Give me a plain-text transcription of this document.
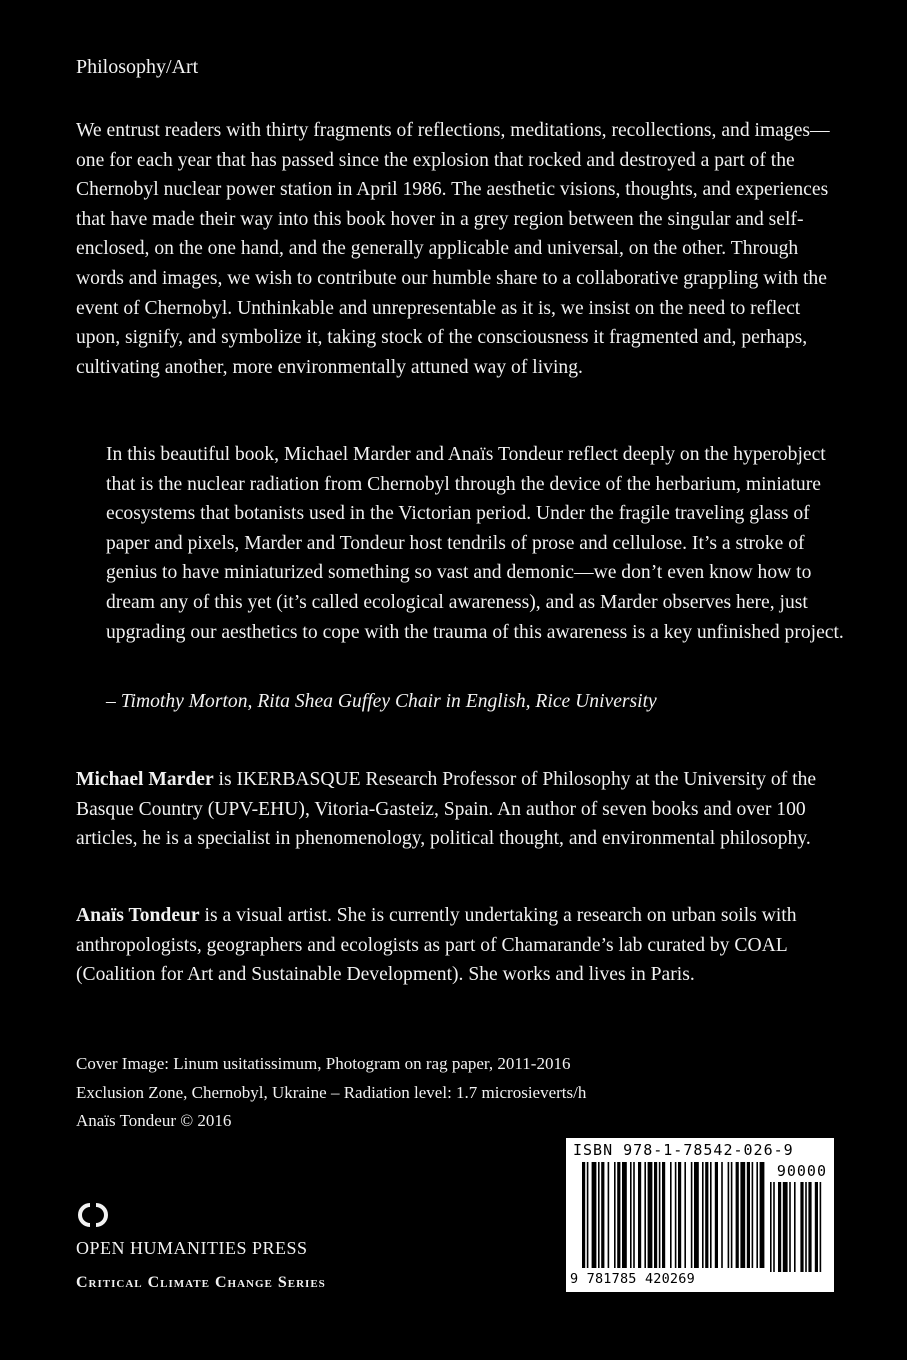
Philosophy/Art
We entrust readers with thirty fragments of reflections, meditations, recollections, and images—one for each year that has passed since the explosion that rocked and destroyed a part of the Chernobyl nuclear power station in April 1986. The aesthetic visions, thoughts, and experiences that have made their way into this book hover in a grey region between the singular and self-enclosed, on the one hand, and the generally applicable and universal, on the other. Through words and images, we wish to contribute our humble share to a collaborative grappling with the event of Chernobyl. Unthinkable and unrepresentable as it is, we insist on the need to reflect upon, signify, and symbolize it, taking stock of the consciousness it fragmented and, perhaps, cultivating another, more environmentally attuned way of living.
In this beautiful book, Michael Marder and Anaïs Tondeur reflect deeply on the hyperobject that is the nuclear radiation from Chernobyl through the device of the herbarium, miniature ecosystems that botanists used in the Victorian period. Under the fragile traveling glass of paper and pixels, Marder and Tondeur host tendrils of prose and cellulose. It’s a stroke of genius to have miniaturized something so vast and demonic—we don’t even know how to dream any of this yet (it’s called ecological awareness), and as Marder observes here, just upgrading our aesthetics to cope with the trauma of this awareness is a key unfinished project.
– Timothy Morton, Rita Shea Guffey Chair in English, Rice University
Michael Marder is IKERBASQUE Research Professor of Philosophy at the University of the Basque Country (UPV-EHU), Vitoria-Gasteiz, Spain. An author of seven books and over 100 articles, he is a specialist in phenomenology, political thought, and environmental philosophy.
Anaïs Tondeur is a visual artist. She is currently undertaking a research on urban soils with anthropologists, geographers and ecologists as part of Chamarande’s lab curated by COAL (Coalition for Art and Sustainable Development). She works and lives in Paris.
Cover Image: Linum usitatissimum, Photogram on rag paper, 2011-2016
Exclusion Zone, Chernobyl, Ukraine – Radiation level: 1.7 microsieverts/h
Anaïs Tondeur © 2016
OPEN HUMANITIES PRESS
Critical Climate Change Series
ISBN 978-1-78542-026-9
90000
9 781785 420269
